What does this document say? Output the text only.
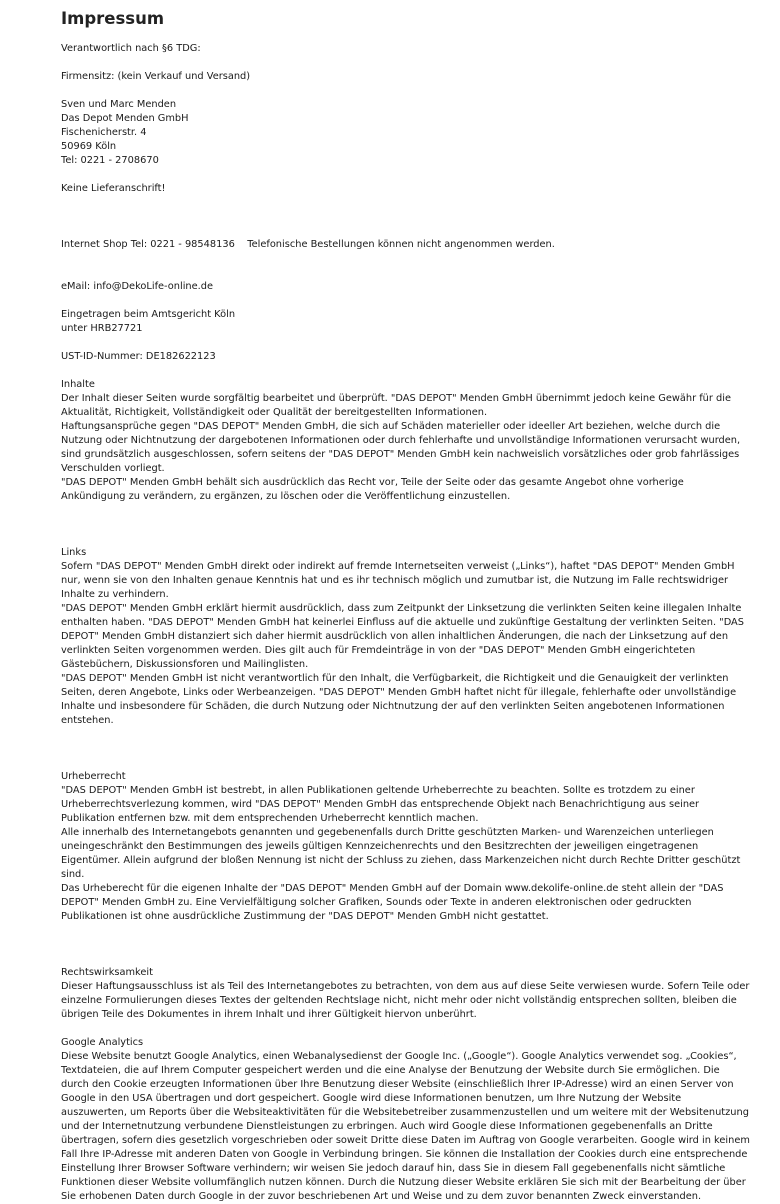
Impressum
Verantwortlich nach §6 TDG:
Firmensitz: (kein Verkauf und Versand)
Sven und Marc Menden
Das Depot Menden GmbH
Fischenicherstr. 4
50969 Köln
Tel: 0221 - 2708670
Keine Lieferanschrift!
Internet Shop Tel: 0221 - 98548136    Telefonische Bestellungen können nicht angenommen werden.
eMail: info@DekoLife-online.de
Eingetragen beim Amtsgericht Köln
unter HRB27721
UST-ID-Nummer: DE182622123
Inhalte
Der Inhalt dieser Seiten wurde sorgfältig bearbeitet und überprüft. "DAS DEPOT" Menden GmbH übernimmt jedoch keine Gewähr für die Aktualität, Richtigkeit, Vollständigkeit oder Qualität der bereitgestellten Informationen.
Haftungsansprüche gegen "DAS DEPOT" Menden GmbH, die sich auf Schäden materieller oder ideeller Art beziehen, welche durch die Nutzung oder Nichtnutzung der dargebotenen Informationen oder durch fehlerhafte und unvollständige Informationen verursacht wurden, sind grundsätzlich ausgeschlossen, sofern seitens der "DAS DEPOT" Menden GmbH kein nachweislich vorsätzliches oder grob fahrlässiges Verschulden vorliegt.
"DAS DEPOT" Menden GmbH behält sich ausdrücklich das Recht vor, Teile der Seite oder das gesamte Angebot ohne vorherige Ankündigung zu verändern, zu ergänzen, zu löschen oder die Veröffentlichung einzustellen.
Links
Sofern "DAS DEPOT" Menden GmbH direkt oder indirekt auf fremde Internetseiten verweist („Links“), haftet "DAS DEPOT" Menden GmbH nur, wenn sie von den Inhalten genaue Kenntnis hat und es ihr technisch möglich und zumutbar ist, die Nutzung im Falle rechtswidriger Inhalte zu verhindern.
"DAS DEPOT" Menden GmbH erklärt hiermit ausdrücklich, dass zum Zeitpunkt der Linksetzung die verlinkten Seiten keine illegalen Inhalte enthalten haben. "DAS DEPOT" Menden GmbH hat keinerlei Einfluss auf die aktuelle und zukünftige Gestaltung der verlinkten Seiten. "DAS DEPOT" Menden GmbH distanziert sich daher hiermit ausdrücklich von allen inhaltlichen Änderungen, die nach der Linksetzung auf den verlinkten Seiten vorgenommen werden. Dies gilt auch für Fremdeinträge in von der "DAS DEPOT" Menden GmbH eingerichteten Gästebüchern, Diskussionsforen und Mailinglisten.
"DAS DEPOT" Menden GmbH ist nicht verantwortlich für den Inhalt, die Verfügbarkeit, die Richtigkeit und die Genauigkeit der verlinkten Seiten, deren Angebote, Links oder Werbeanzeigen. "DAS DEPOT" Menden GmbH haftet nicht für illegale, fehlerhafte oder unvollständige Inhalte und insbesondere für Schäden, die durch Nutzung oder Nichtnutzung der auf den verlinkten Seiten angebotenen Informationen entstehen.
Urheberrecht
"DAS DEPOT" Menden GmbH ist bestrebt, in allen Publikationen geltende Urheberrechte zu beachten. Sollte es trotzdem zu einer Urheberrechtsverlezung kommen, wird "DAS DEPOT" Menden GmbH das entsprechende Objekt nach Benachrichtigung aus seiner Publikation entfernen bzw. mit dem entsprechenden Urheberrecht kenntlich machen.
Alle innerhalb des Internetangebots genannten und gegebenenfalls durch Dritte geschützten Marken- und Warenzeichen unterliegen uneingeschränkt den Bestimmungen des jeweils gültigen Kennzeichenrechts und den Besitzrechten der jeweiligen eingetragenen Eigentümer. Allein aufgrund der bloßen Nennung ist nicht der Schluss zu ziehen, dass Markenzeichen nicht durch Rechte Dritter geschützt sind.
Das Urheberecht für die eigenen Inhalte der "DAS DEPOT" Menden GmbH auf der Domain www.dekolife-online.de steht allein der "DAS DEPOT" Menden GmbH zu. Eine Vervielfältigung solcher Grafiken, Sounds oder Texte in anderen elektronischen oder gedruckten Publikationen ist ohne ausdrückliche Zustimmung der "DAS DEPOT" Menden GmbH nicht gestattet.
Rechtswirksamkeit
Dieser Haftungsausschluss ist als Teil des Internetangebotes zu betrachten, von dem aus auf diese Seite verwiesen wurde. Sofern Teile oder einzelne Formulierungen dieses Textes der geltenden Rechtslage nicht, nicht mehr oder nicht vollständig entsprechen sollten, bleiben die übrigen Teile des Dokumentes in ihrem Inhalt und ihrer Gültigkeit hiervon unberührt.
Google Analytics
Diese Website benutzt Google Analytics, einen Webanalysedienst der Google Inc. („Google“). Google Analytics verwendet sog. „Cookies“, Textdateien, die auf Ihrem Computer gespeichert werden und die eine Analyse der Benutzung der Website durch Sie ermöglichen. Die durch den Cookie erzeugten Informationen über Ihre Benutzung dieser Website (einschließlich Ihrer IP-Adresse) wird an einen Server von Google in den USA übertragen und dort gespeichert. Google wird diese Informationen benutzen, um Ihre Nutzung der Website auszuwerten, um Reports über die Websiteaktivitäten für die Websitebetreiber zusammenzustellen und um weitere mit der Websitenutzung und der Internetnutzung verbundene Dienstleistungen zu erbringen. Auch wird Google diese Informationen gegebenenfalls an Dritte übertragen, sofern dies gesetzlich vorgeschrieben oder soweit Dritte diese Daten im Auftrag von Google verarbeiten. Google wird in keinem Fall Ihre IP-Adresse mit anderen Daten von Google in Verbindung bringen. Sie können die Installation der Cookies durch eine entsprechende Einstellung Ihrer Browser Software verhindern; wir weisen Sie jedoch darauf hin, dass Sie in diesem Fall gegebenenfalls nicht sämtliche Funktionen dieser Website vollumfänglich nutzen können. Durch die Nutzung dieser Website erklären Sie sich mit der Bearbeitung der über Sie erhobenen Daten durch Google in der zuvor beschriebenen Art und Weise und zu dem zuvor benannten Zweck einverstanden.
